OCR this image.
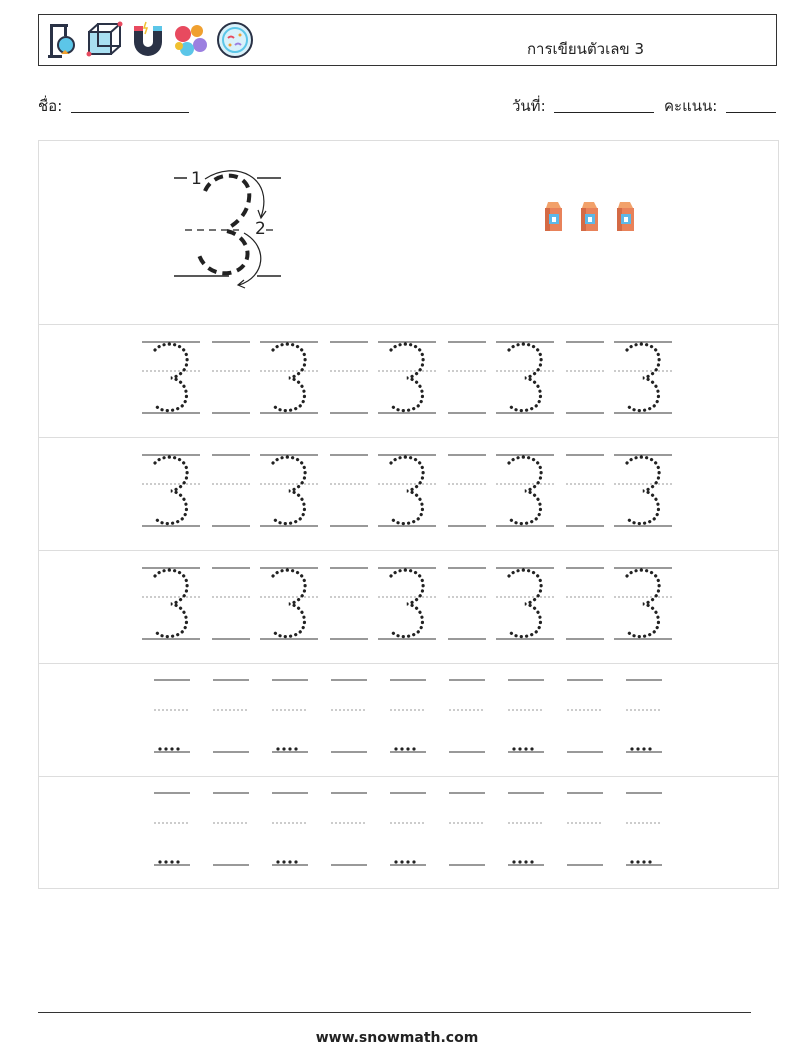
การเขียนตัวเลข 3
ชื่อ:	วันที่:	คะแนน:
1
2
www.snowmath.com
